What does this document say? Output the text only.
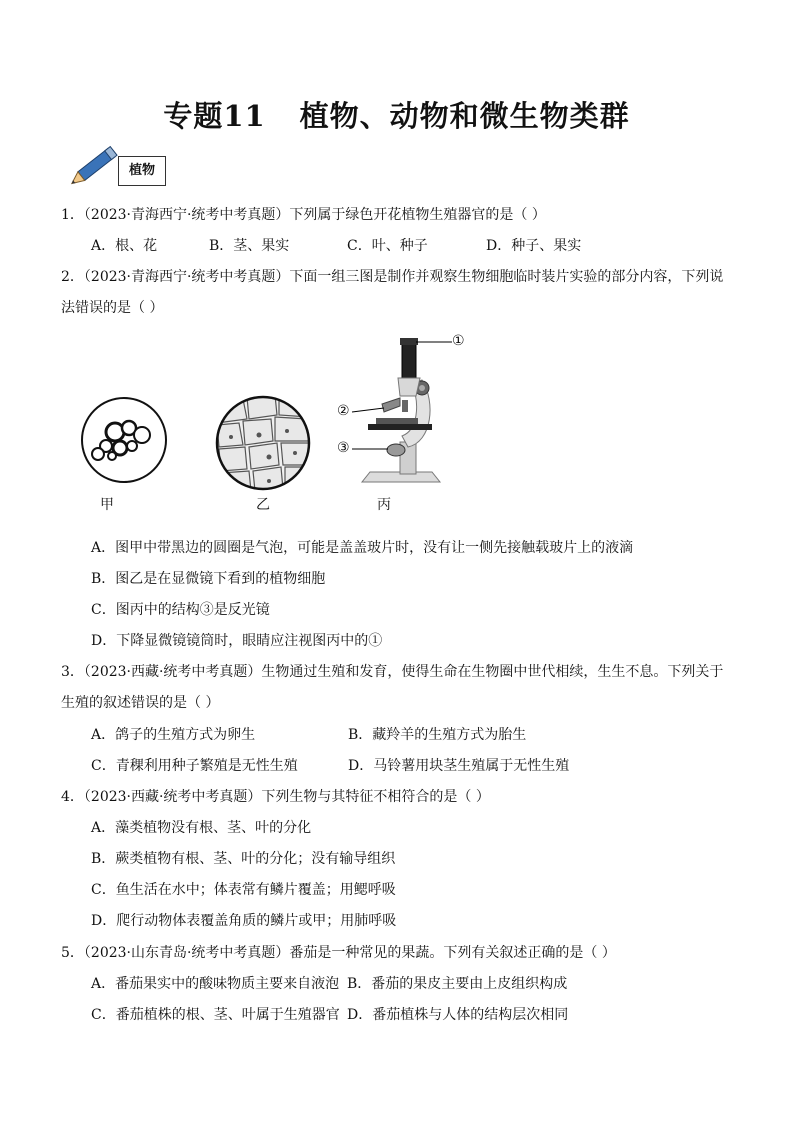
专题11 植物、动物和微生物类群
植物
1．（2023·青海西宁·统考中考真题）下列属于绿色开花植物生殖器官的是（ ）
A．根、花	B．茎、果实	C．叶、种子	D．种子、果实
2．（2023·青海西宁·统考中考真题）下面一组三图是制作并观察生物细胞临时装片实验的部分内容，下列说
法错误的是（ ）
甲	乙
①
②
③
丙
A．图甲中带黑边的圆圈是气泡，可能是盖盖玻片时，没有让一侧先接触载玻片上的液滴
B．图乙是在显微镜下看到的植物细胞
C．图丙中的结构③是反光镜
D．下降显微镜镜筒时，眼睛应注视图丙中的①
3．（2023·西藏·统考中考真题）生物通过生殖和发育，使得生命在生物圈中世代相续，生生不息。下列关于
生殖的叙述错误的是（ ）
A．鸽子的生殖方式为卵生	B．藏羚羊的生殖方式为胎生
C．青稞利用种子繁殖是无性生殖	D．马铃薯用块茎生殖属于无性生殖
4．（2023·西藏·统考中考真题）下列生物与其特征不相符合的是（ ）
A．藻类植物没有根、茎、叶的分化
B．蕨类植物有根、茎、叶的分化；没有输导组织
C．鱼生活在水中；体表常有鳞片覆盖；用鳃呼吸
D．爬行动物体表覆盖角质的鳞片或甲；用肺呼吸
5．（2023·山东青岛·统考中考真题）番茄是一种常见的果蔬。下列有关叙述正确的是（ ）
A．番茄果实中的酸味物质主要来自液泡 B．番茄的果皮主要由上皮组织构成
C．番茄植株的根、茎、叶属于生殖器官 D．番茄植株与人体的结构层次相同
